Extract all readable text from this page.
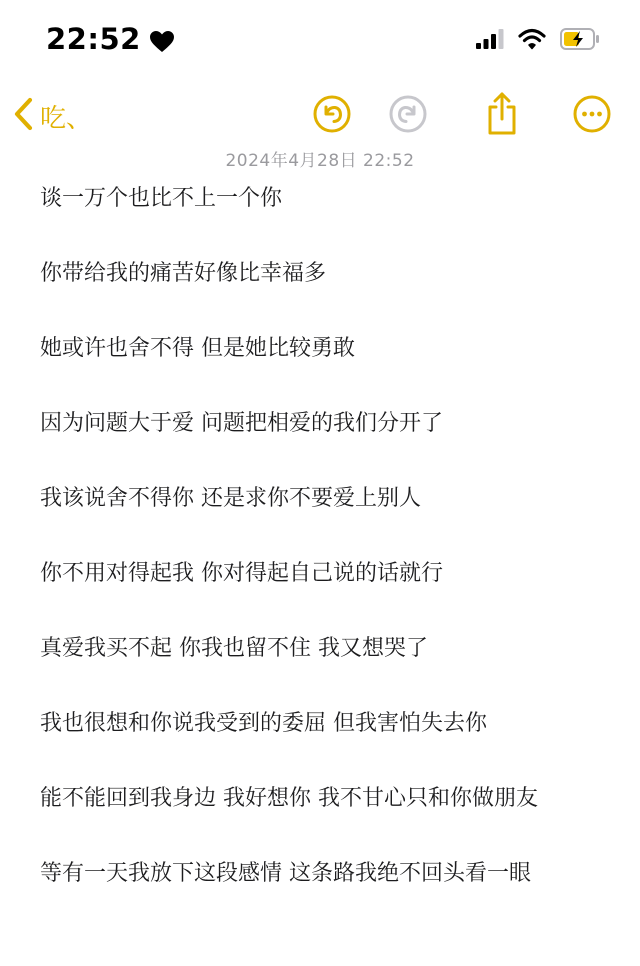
22:52
吃、
2024年4月28日 22:52
谈一万个也比不上一个你
你带给我的痛苦好像比幸福多
她或许也舍不得 但是她比较勇敢
因为问题大于爱 问题把相爱的我们分开了
我该说舍不得你 还是求你不要爱上别人
你不用对得起我 你对得起自己说的话就行
真爱我买不起 你我也留不住 我又想哭了
我也很想和你说我受到的委屈 但我害怕失去你
能不能回到我身边 我好想你 我不甘心只和你做朋友
等有一天我放下这段感情 这条路我绝不回头看一眼
